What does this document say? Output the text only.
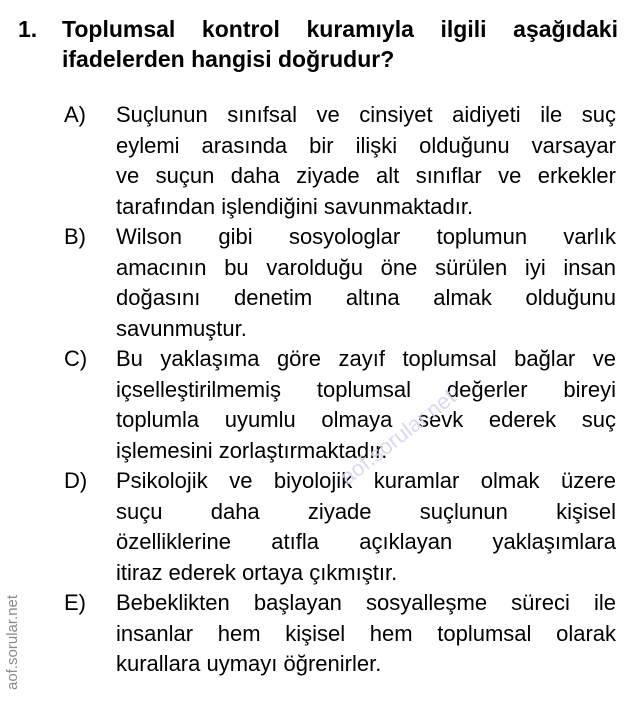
1.	Toplumsal kontrol kuramıyla ilgili aşağıdaki
ifadelerden hangisi doğrudur?
A)	Suçlunun sınıfsal ve cinsiyet aidiyeti ile suç
eylemi arasında bir ilişki olduğunu varsayar
ve suçun daha ziyade alt sınıflar ve erkekler
tarafından işlendiğini savunmaktadır.
B)	Wilson gibi sosyologlar toplumun varlık
amacının bu varolduğu öne sürülen iyi insan
doğasını denetim altına almak olduğunu
savunmuştur.
C)	Bu yaklaşıma göre zayıf toplumsal bağlar ve
içselleştirilmemiş toplumsal değerler bireyi
toplumla uyumlu olmaya sevk ederek suç
işlemesini zorlaştırmaktadır.
D)	Psikolojik ve biyolojik kuramlar olmak üzere
suçu daha ziyade suçlunun kişisel
özelliklerine atıfla açıklayan yaklaşımlara
itiraz ederek ortaya çıkmıştır.
E)	Bebeklikten başlayan sosyalleşme süreci ile
insanlar hem kişisel hem toplumsal olarak
kurallara uymayı öğrenirler.
aof.sorular.net
aof.sorular.net
